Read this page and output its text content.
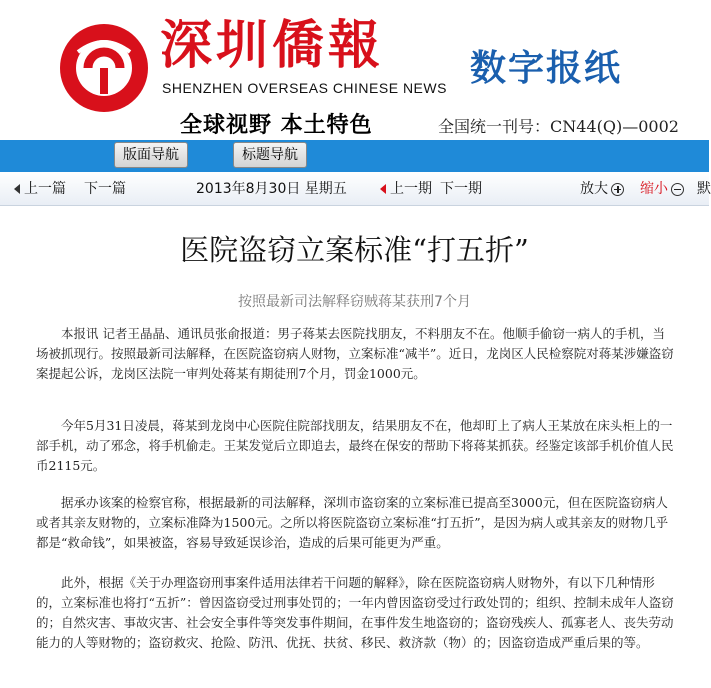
深圳僑報
SHENZHEN OVERSEAS CHINESE NEWS 数字报纸
全球视野 本土特色	全国统一刊号：CN44(Q)—0002
版面导航	标题导航
上一篇 下一篇	2013年8月30日 星期五	上一期 下一期	放大	缩小	默
医院盗窃立案标准“打五折”
按照最新司法解释窃贼蒋某获刑7个月

本报讯 记者王晶晶、通讯员张俞报道：男子蒋某去医院找朋友，不料朋友不在。他顺手偷窃一病人的手机，当场被抓现行。按照最新司法解释，在医院盗窃病人财物，立案标准“减半”。近日，龙岗区人民检察院对蒋某涉嫌盗窃案提起公诉，龙岗区法院一审判处蒋某有期徒刑7个月，罚金1000元。

今年5月31日凌晨，蒋某到龙岗中心医院住院部找朋友，结果朋友不在，他却盯上了病人王某放在床头柜上的一部手机，动了邪念，将手机偷走。王某发觉后立即追去，最终在保安的帮助下将蒋某抓获。经鉴定该部手机价值人民币2115元。

据承办该案的检察官称，根据最新的司法解释，深圳市盗窃案的立案标准已提高至3000元，但在医院盗窃病人或者其亲友财物的，立案标准降为1500元。之所以将医院盗窃立案标准“打五折”，是因为病人或其亲友的财物几乎都是“救命钱”，如果被盗，容易导致延误诊治，造成的后果可能更为严重。

此外，根据《关于办理盗窃刑事案件适用法律若干问题的解释》，除在医院盗窃病人财物外，有以下几种情形的，立案标准也将打“五折”：曾因盗窃受过刑事处罚的；一年内曾因盗窃受过行政处罚的；组织、控制未成年人盗窃的；自然灾害、事故灾害、社会安全事件等突发事件期间，在事件发生地盗窃的；盗窃残疾人、孤寡老人、丧失劳动能力的人等财物的；盗窃救灾、抢险、防汛、优抚、扶贫、移民、救济款（物）的；因盗窃造成严重后果的等。
